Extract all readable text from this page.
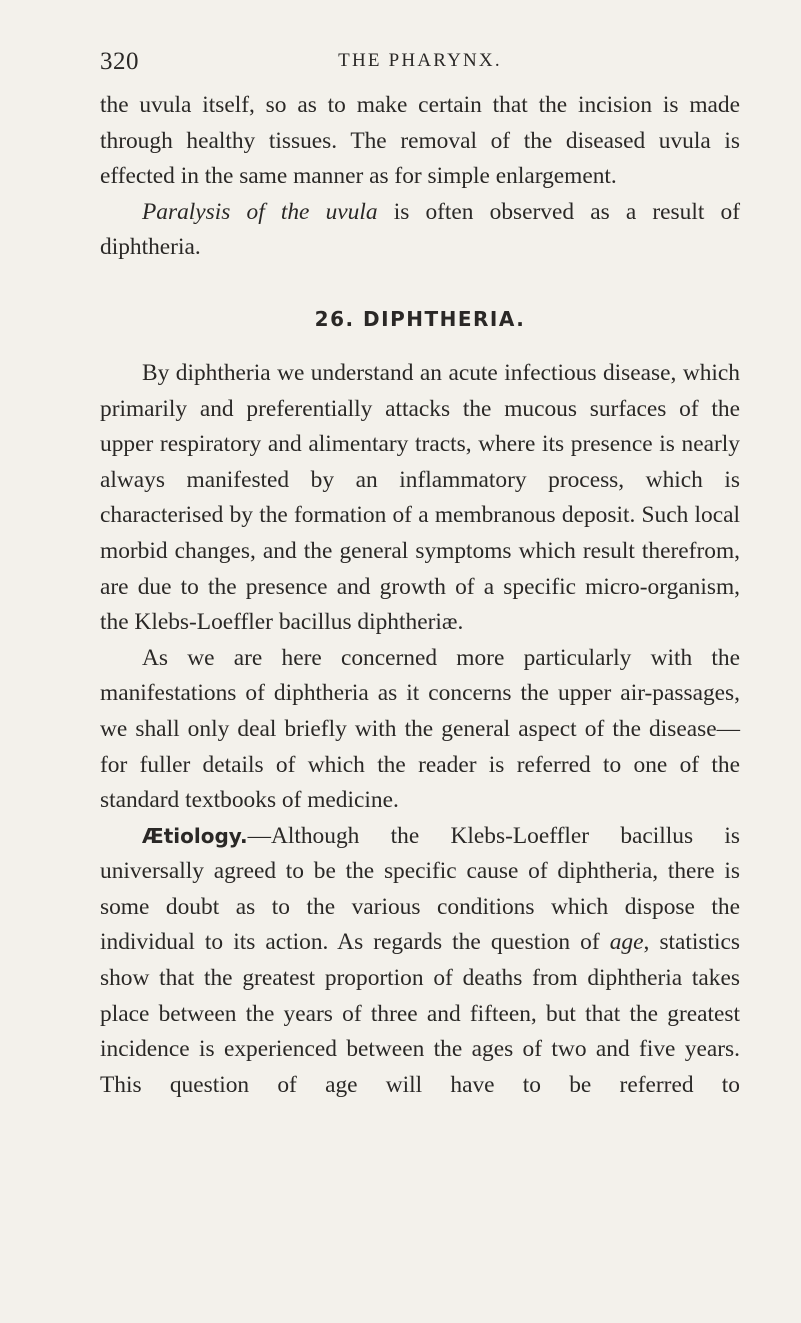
320	THE PHARYNX.

the uvula itself, so as to make certain that the incision is made through healthy tissues. The removal of the diseased uvula is effected in the same manner as for simple enlargement.

Paralysis of the uvula is often observed as a result of diphtheria.

26. DIPHTHERIA.

By diphtheria we understand an acute infectious disease, which primarily and preferentially attacks the mucous surfaces of the upper respiratory and alimentary tracts, where its presence is nearly always manifested by an inflammatory process, which is characterised by the formation of a membranous deposit. Such local morbid changes, and the general symptoms which result therefrom, are due to the presence and growth of a specific micro-organism, the Klebs-Loeffler bacillus diphtheriæ.

As we are here concerned more particularly with the manifestations of diphtheria as it concerns the upper air-passages, we shall only deal briefly with the general aspect of the disease—for fuller details of which the reader is referred to one of the standard textbooks of medicine.

Ætiology.—Although the Klebs-Loeffler bacillus is universally agreed to be the specific cause of diphtheria, there is some doubt as to the various conditions which dispose the individual to its action. As regards the question of age, statistics show that the greatest proportion of deaths from diphtheria takes place between the years of three and fifteen, but that the greatest incidence is experienced between the ages of two and five years. This question of age will have to be referred to
